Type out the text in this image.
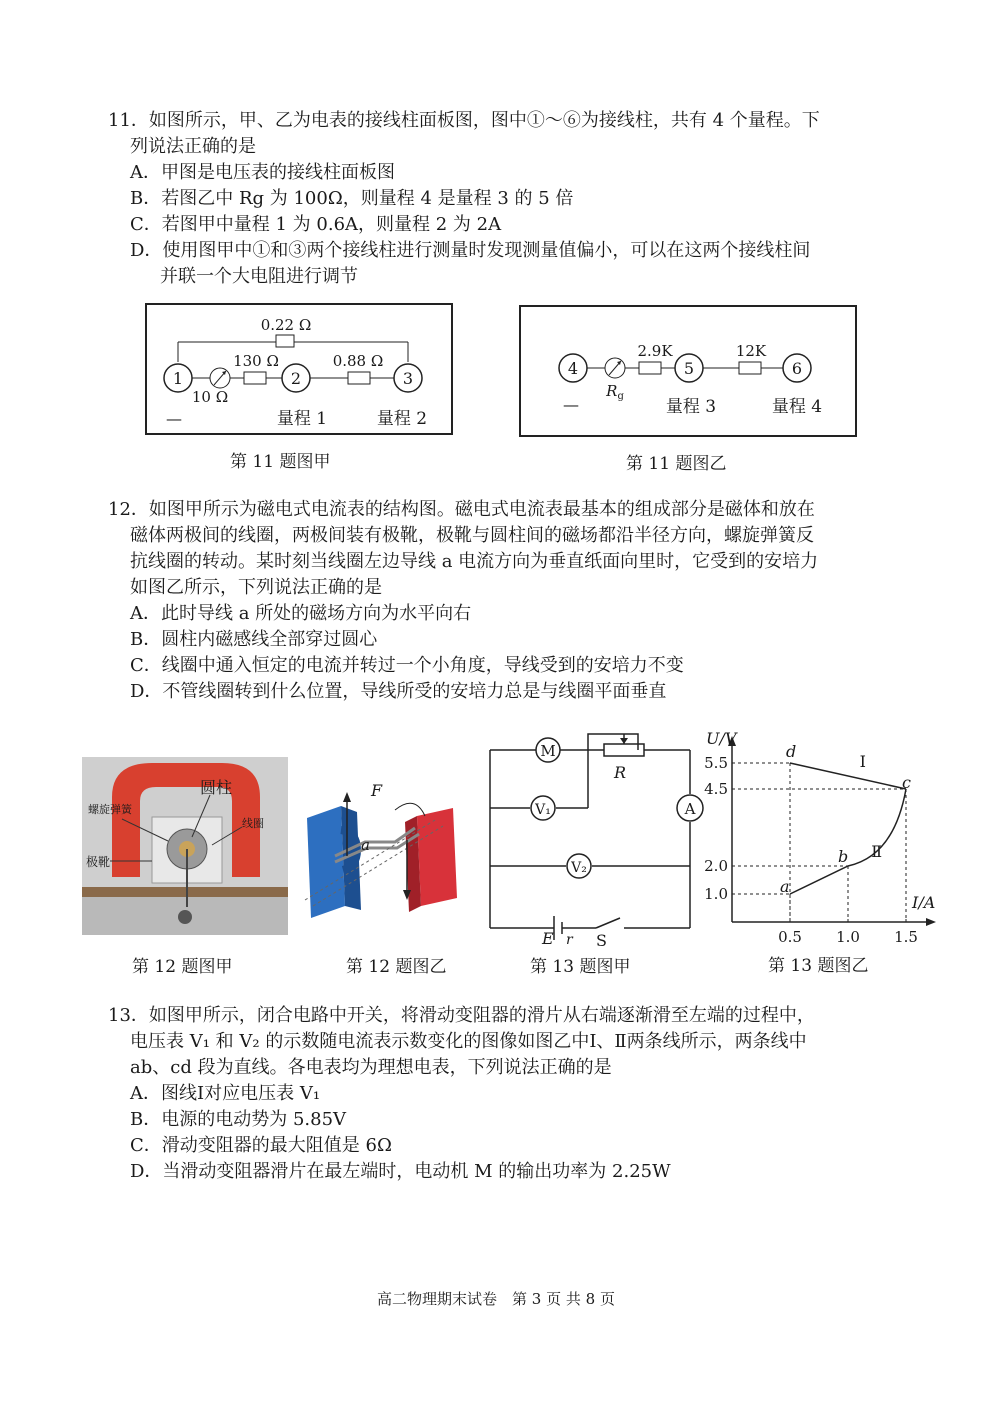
11．如图所示，甲、乙为电表的接线柱面板图，图中①～⑥为接线柱，共有 4 个量程。下
列说法正确的是
A．甲图是电压表的接线柱面板图
B．若图乙中 Rg 为 100Ω，则量程 4 是量程 3 的 5 倍
C．若图甲中量程 1 为 0.6A，则量程 2 为 2A
D．使用图甲中①和③两个接线柱进行测量时发现测量值偏小，可以在这两个接线柱间
并联一个大电阻进行调节
1	2	3
0.22 Ω
130 Ω	0.88 Ω
10 Ω
—	量程 1	量程 2
第 11 题图甲
4	5	6
2.9K	12K
$R_g$
—	量程 3	量程 4
第 11 题图乙
12．如图甲所示为磁电式电流表的结构图。磁电式电流表最基本的组成部分是磁体和放在
磁体两极间的线圈，两极间装有极靴，极靴与圆柱间的磁场都沿半径方向，螺旋弹簧反
抗线圈的转动。某时刻当线圈左边导线 a 电流方向为垂直纸面向里时，它受到的安培力
如图乙所示，下列说法正确的是
A．此时导线 a 所处的磁场方向为水平向右
B．圆柱内磁感线全部穿过圆心
C．线圈中通入恒定的电流并转过一个小角度，导线受到的安培力不变
D．不管线圈转到什么位置，导线所受的安培力总是与线圈平面垂直
圆柱
螺旋弹簧
线圈
极靴
第 12 题图甲
F
a
第 12 题图乙
M
V₁
V₂
A
R
E r S
第 13 题图甲
U/V
I/A
0.5 1.0 1.5
1.0
2.0
4.5
5.5
a
b
c
d
Ⅰ
Ⅱ
第 13 题图乙
13．如图甲所示，闭合电路中开关，将滑动变阻器的滑片从右端逐渐滑至左端的过程中，
电压表 V₁ 和 V₂ 的示数随电流表示数变化的图像如图乙中Ⅰ、Ⅱ两条线所示，两条线中
ab、cd 段为直线。各电表均为理想电表，下列说法正确的是
A．图线Ⅰ对应电压表 V₁
B．电源的电动势为 5.85V
C．滑动变阻器的最大阻值是 6Ω
D．当滑动变阻器滑片在最左端时，电动机 M 的输出功率为 2.25W
高二物理期末试卷　第 3 页 共 8 页
